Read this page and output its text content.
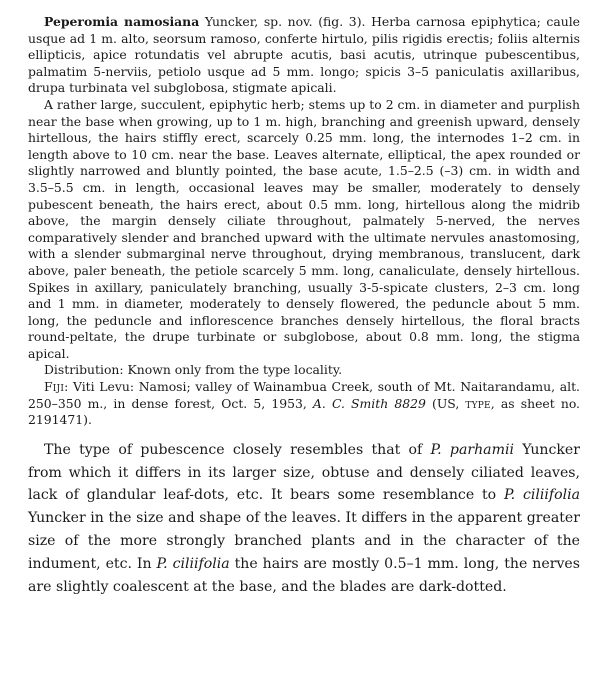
Peperomia namosiana Yuncker, sp. nov. (fig. 3). Herba carnosa epiphytica; caule usque ad 1 m. alto, seorsum ramoso, conferte hirtulo, pilis rigidis erectis; foliis alternis ellipticis, apice rotundatis vel abrupte acutis, basi acutis, utrinque pubescentibus, palmatim 5-nerviis, petiolo usque ad 5 mm. longo; spicis 3–5 paniculatis axillaribus, drupa turbinata vel subglobosa, stigmate apicali.

A rather large, succulent, epiphytic herb; stems up to 2 cm. in diameter and purplish near the base when growing, up to 1 m. high, branching and greenish upward, densely hirtellous, the hairs stiffly erect, scarcely 0.25 mm. long, the internodes 1–2 cm. in length above to 10 cm. near the base. Leaves alternate, elliptical, the apex rounded or slightly narrowed and bluntly pointed, the base acute, 1.5–2.5 (–3) cm. in width and 3.5–5.5 cm. in length, occasional leaves may be smaller, moderately to densely pubescent beneath, the hairs erect, about 0.5 mm. long, hirtellous along the midrib above, the margin densely ciliate throughout, palmately 5-nerved, the nerves comparatively slender and branched upward with the ultimate nervules anastomosing, with a slender submarginal nerve throughout, drying membranous, translucent, dark above, paler beneath, the petiole scarcely 5 mm. long, canaliculate, densely hirtellous. Spikes in axillary, paniculately branching, usually 3-5-spicate clusters, 2–3 cm. long and 1 mm. in diameter, moderately to densely flowered, the peduncle about 5 mm. long, the peduncle and inflorescence branches densely hirtellous, the floral bracts round-peltate, the drupe turbinate or subglobose, about 0.8 mm. long, the stigma apical.

Distribution: Known only from the type locality.

Fiji: Viti Levu: Namosi; valley of Wainambua Creek, south of Mt. Naitarandamu, alt. 250–350 m., in dense forest, Oct. 5, 1953, A. C. Smith 8829 (US, type, as sheet no. 2191471).

The type of pubescence closely resembles that of P. parhamii Yuncker from which it differs in its larger size, obtuse and densely ciliated leaves, lack of glandular leaf-dots, etc. It bears some resemblance to P. ciliifolia Yuncker in the size and shape of the leaves. It differs in the apparent greater size of the more strongly branched plants and in the character of the indument, etc. In P. ciliifolia the hairs are mostly 0.5–1 mm. long, the nerves are slightly coalescent at the base, and the blades are dark-dotted.
